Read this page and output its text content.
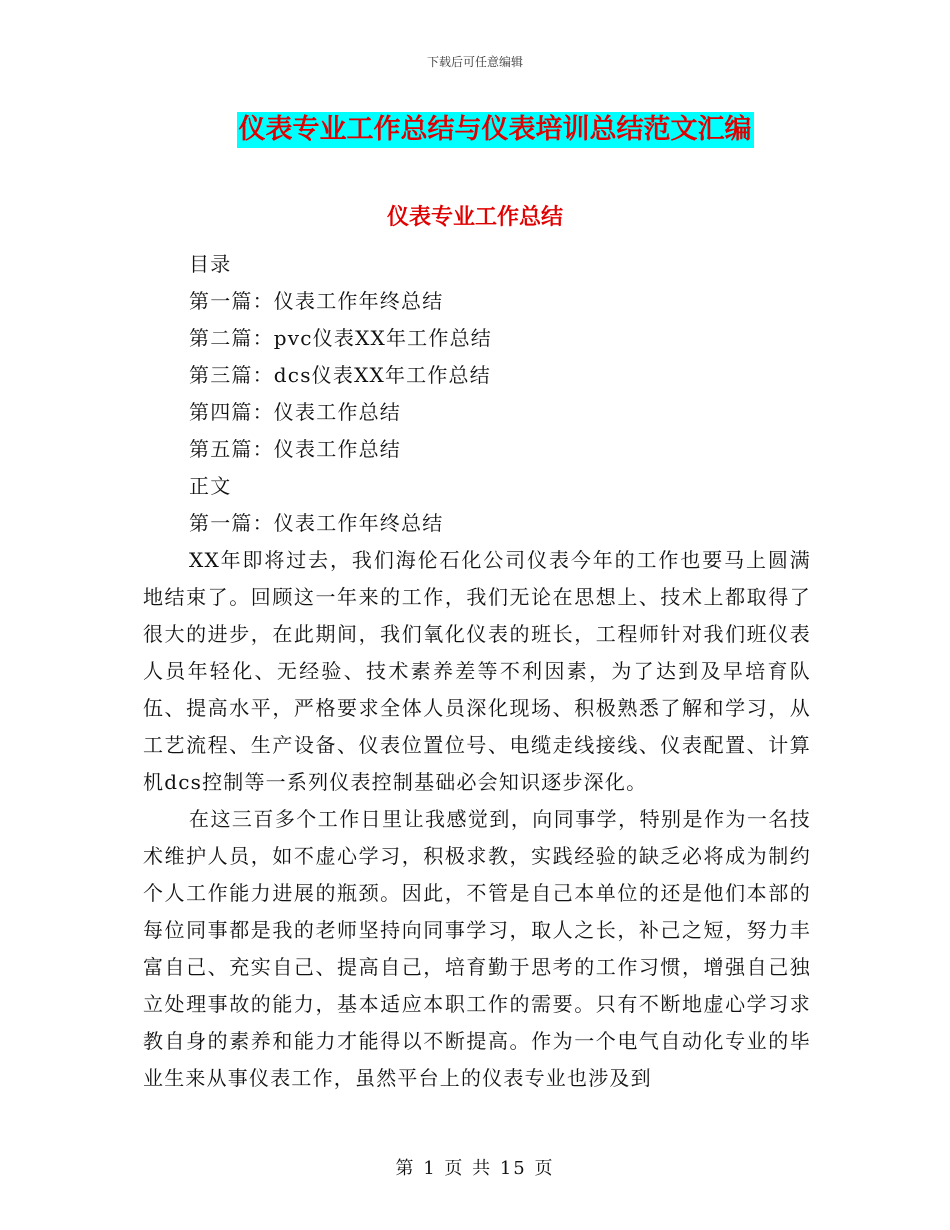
下载后可任意编辑
仪表专业工作总结与仪表培训总结范文汇编
仪表专业工作总结
目录
第一篇：仪表工作年终总结
第二篇：pvc仪表XX年工作总结
第三篇：dcs仪表XX年工作总结
第四篇：仪表工作总结
第五篇：仪表工作总结
正文
第一篇：仪表工作年终总结

XX年即将过去，我们海伦石化公司仪表今年的工作也要马上圆满地结束了。回顾这一年来的工作，我们无论在思想上、技术上都取得了很大的进步，在此期间，我们氧化仪表的班长，工程师针对我们班仪表人员年轻化、无经验、技术素养差等不利因素，为了达到及早培育队伍、提高水平，严格要求全体人员深化现场、积极熟悉了解和学习，从工艺流程、生产设备、仪表位置位号、电缆走线接线、仪表配置、计算机dcs控制等一系列仪表控制基础必会知识逐步深化。

在这三百多个工作日里让我感觉到，向同事学，特别是作为一名技术维护人员，如不虚心学习，积极求教，实践经验的缺乏必将成为制约个人工作能力进展的瓶颈。因此，不管是自己本单位的还是他们本部的每位同事都是我的老师坚持向同事学习，取人之长，补己之短，努力丰富自己、充实自己、提高自己，培育勤于思考的工作习惯，增强自己独立处理事故的能力，基本适应本职工作的需要。只有不断地虚心学习求教自身的素养和能力才能得以不断提高。作为一个电气自动化专业的毕业生来从事仪表工作，虽然平台上的仪表专业也涉及到

第 1 页 共 15 页
